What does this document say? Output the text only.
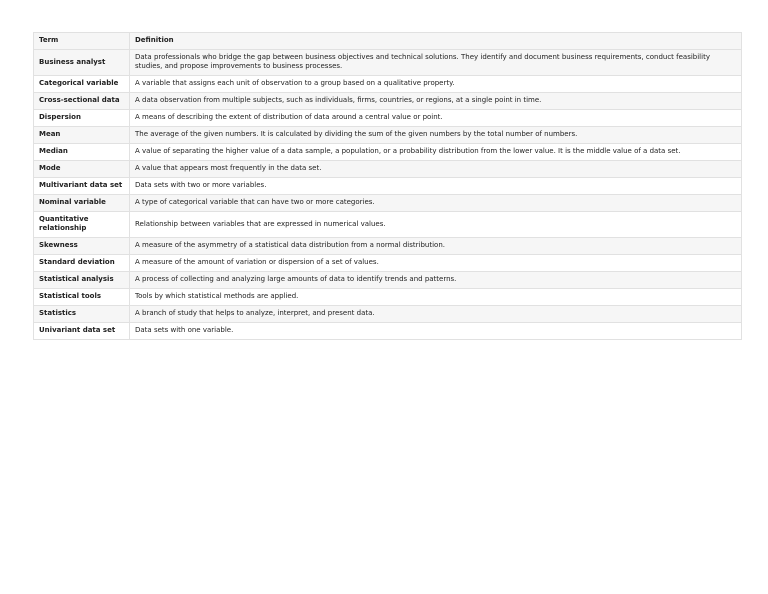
Term	Definition
Business analyst	Data professionals who bridge the gap between business objectives and technical solutions. They identify and document business requirements, conduct feasibility studies, and propose improvements to business processes.
Categorical variable	A variable that assigns each unit of observation to a group based on a qualitative property.
Cross-sectional data	A data observation from multiple subjects, such as individuals, firms, countries, or regions, at a single point in time.
Dispersion	A means of describing the extent of distribution of data around a central value or point.
Mean	The average of the given numbers. It is calculated by dividing the sum of the given numbers by the total number of numbers.
Median	A value of separating the higher value of a data sample, a population, or a probability distribution from the lower value. It is the middle value of a data set.
Mode	A value that appears most frequently in the data set.
Multivariant data set	Data sets with two or more variables.
Nominal variable	A type of categorical variable that can have two or more categories.
Quantitative relationship	Relationship between variables that are expressed in numerical values.
Skewness	A measure of the asymmetry of a statistical data distribution from a normal distribution.
Standard deviation	A measure of the amount of variation or dispersion of a set of values.
Statistical analysis	A process of collecting and analyzing large amounts of data to identify trends and patterns.
Statistical tools	Tools by which statistical methods are applied.
Statistics	A branch of study that helps to analyze, interpret, and present data.
Univariant data set	Data sets with one variable.
